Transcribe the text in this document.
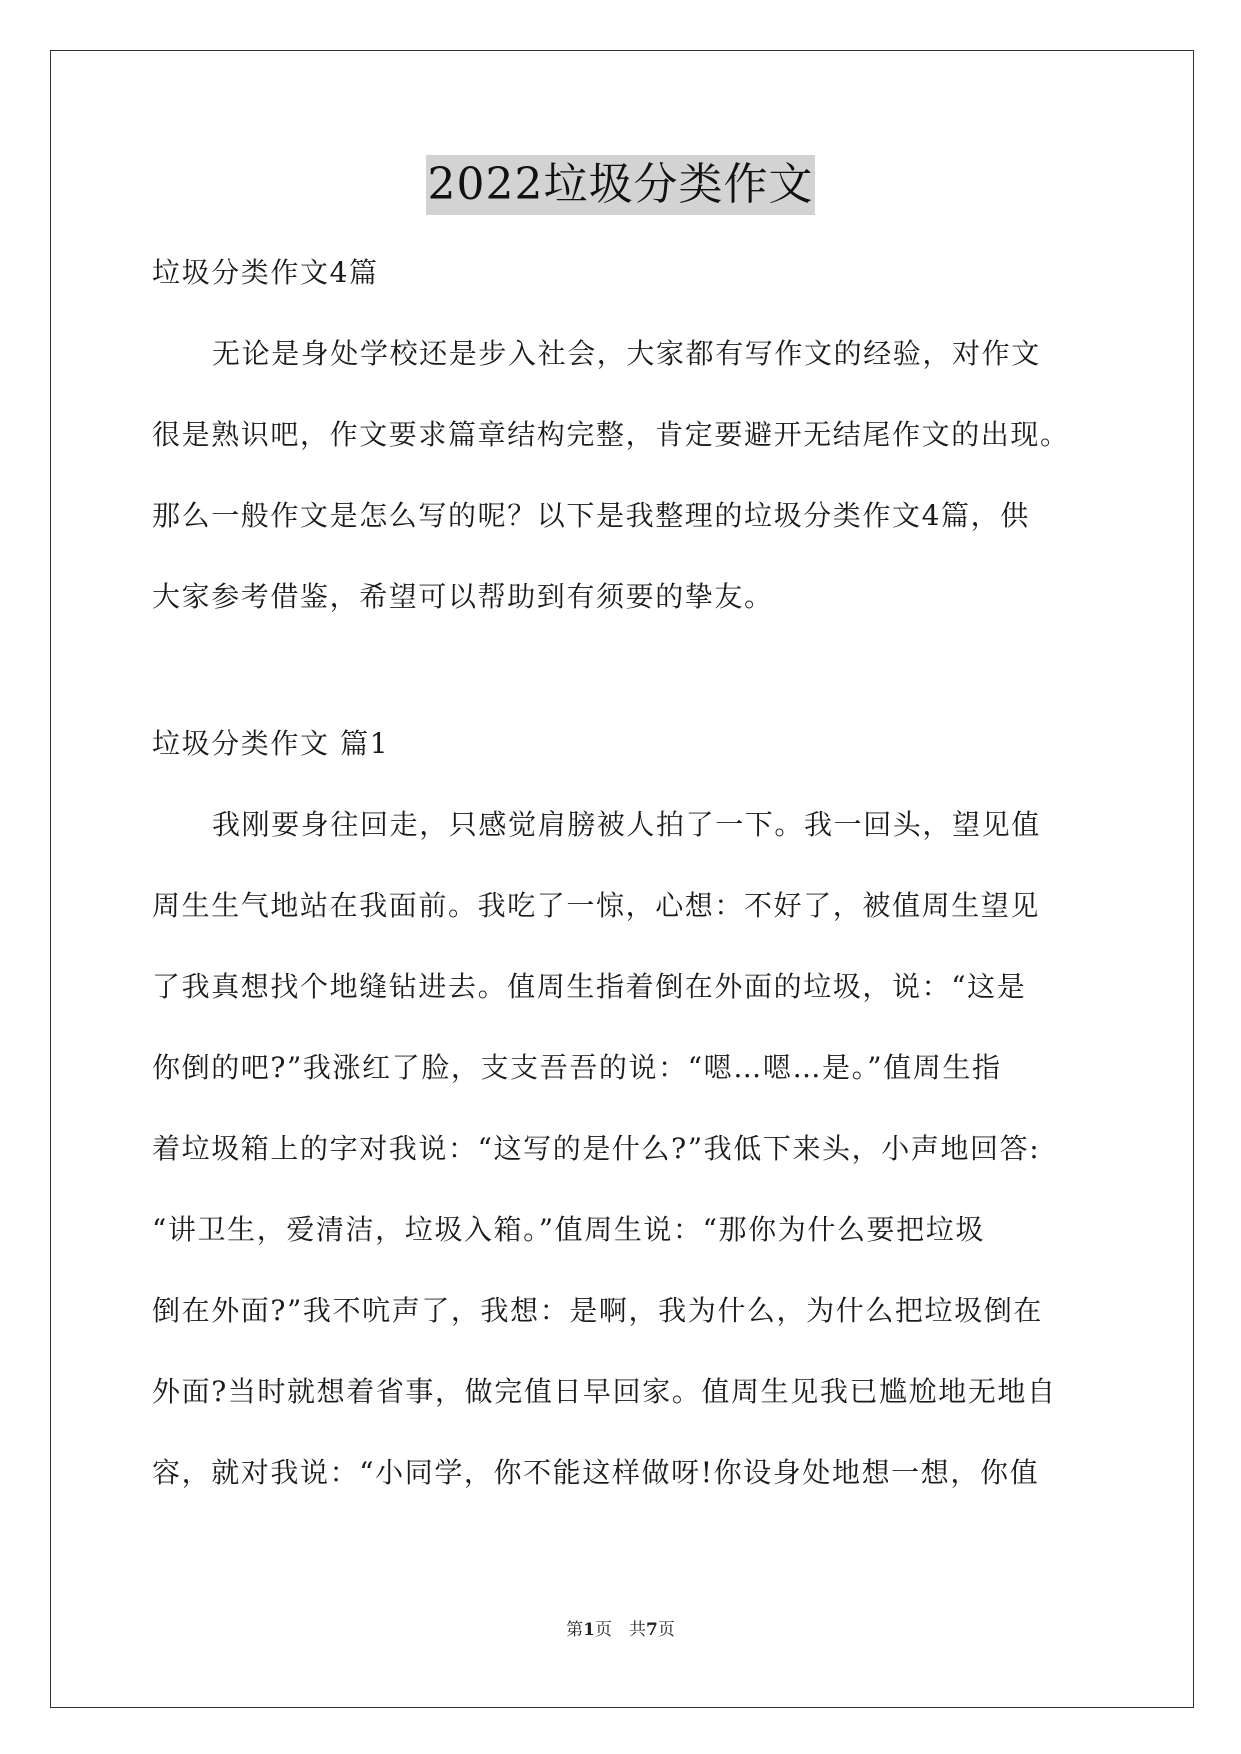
2022垃圾分类作文
垃圾分类作文4篇
无论是身处学校还是步入社会，大家都有写作文的经验，对作文
很是熟识吧，作文要求篇章结构完整，肯定要避开无结尾作文的出现。
那么一般作文是怎么写的呢？以下是我整理的垃圾分类作文4篇，供
大家参考借鉴，希望可以帮助到有须要的挚友。
垃圾分类作文 篇1
我刚要身往回走，只感觉肩膀被人拍了一下。我一回头，望见值
周生生气地站在我面前。我吃了一惊，心想：不好了，被值周生望见
了我真想找个地缝钻进去。值周生指着倒在外面的垃圾，说：“这是
你倒的吧?”我涨红了脸，支支吾吾的说：“嗯…嗯…是。”值周生指
着垃圾箱上的字对我说：“这写的是什么?”我低下来头，小声地回答:
“讲卫生，爱清洁，垃圾入箱。”值周生说：“那你为什么要把垃圾
倒在外面?”我不吭声了，我想：是啊，我为什么，为什么把垃圾倒在
外面?当时就想着省事，做完值日早回家。值周生见我已尴尬地无地自
容，就对我说：“小同学，你不能这样做呀!你设身处地想一想，你值
第1页　共7页
